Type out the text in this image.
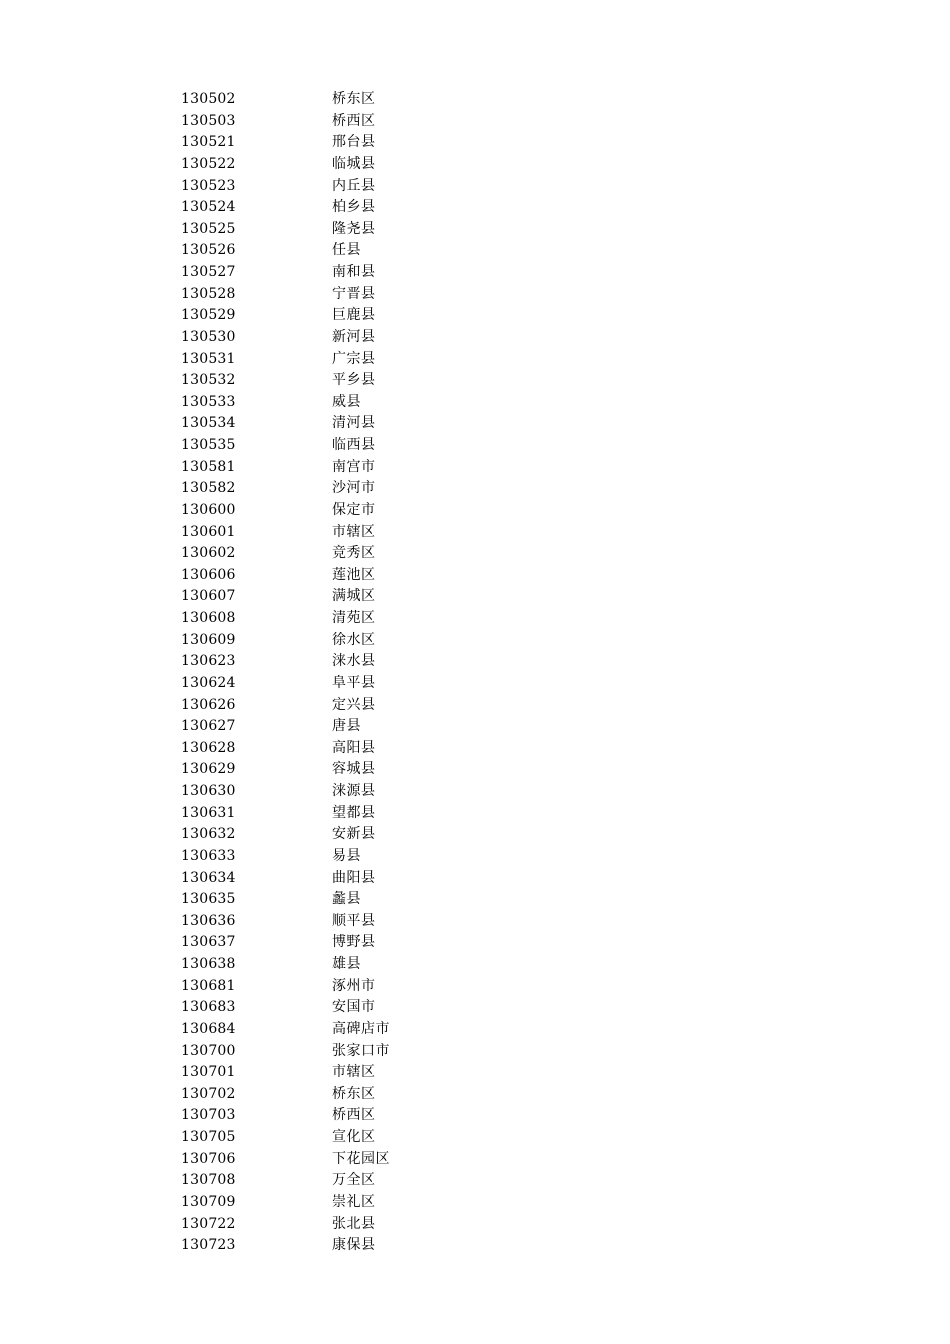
130502	桥东区
130503	桥西区
130521	邢台县
130522	临城县
130523	内丘县
130524	柏乡县
130525	隆尧县
130526	任县
130527	南和县
130528	宁晋县
130529	巨鹿县
130530	新河县
130531	广宗县
130532	平乡县
130533	威县
130534	清河县
130535	临西县
130581	南宫市
130582	沙河市
130600	保定市
130601	市辖区
130602	竞秀区
130606	莲池区
130607	满城区
130608	清苑区
130609	徐水区
130623	涞水县
130624	阜平县
130626	定兴县
130627	唐县
130628	高阳县
130629	容城县
130630	涞源县
130631	望都县
130632	安新县
130633	易县
130634	曲阳县
130635	蠡县
130636	顺平县
130637	博野县
130638	雄县
130681	涿州市
130683	安国市
130684	高碑店市
130700	张家口市
130701	市辖区
130702	桥东区
130703	桥西区
130705	宣化区
130706	下花园区
130708	万全区
130709	崇礼区
130722	张北县
130723	康保县
